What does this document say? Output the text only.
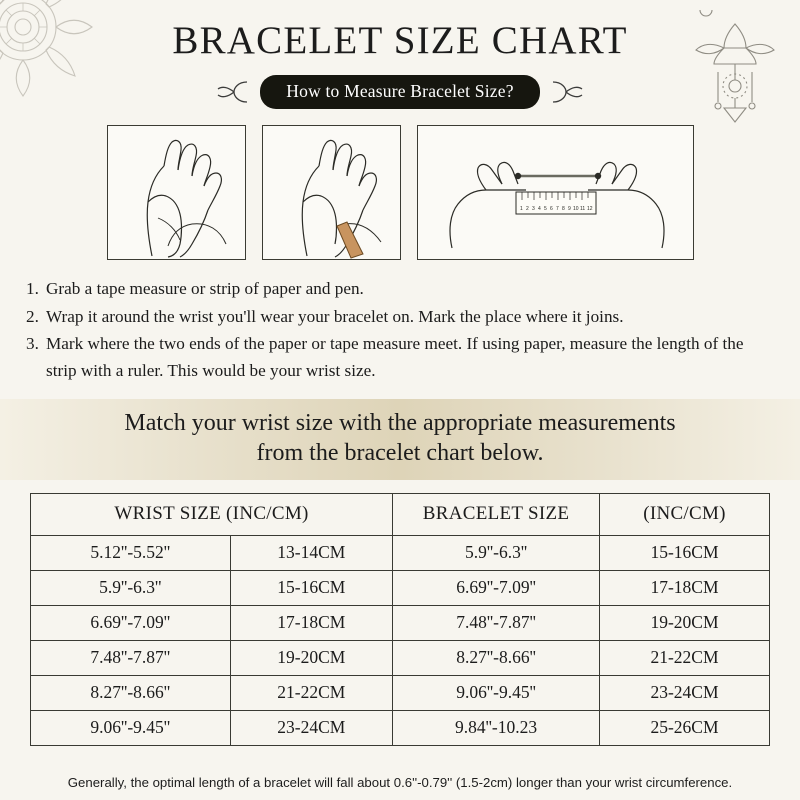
BRACELET SIZE CHART
How to Measure Bracelet Size?
1 2 3 4 5 6 7 8 9 10 11 12
1. Grab a tape measure or strip of paper and pen.
2. Wrap it around the wrist you'll wear your bracelet on. Mark the place where it joins.
3. Mark where the two ends of the paper or tape measure meet. If using paper, measure the length of the strip with a ruler. This would be your wrist size.
Match your wrist size with the appropriate measurements
from the bracelet chart below.
WRIST SIZE (INC/CM)		BRACELET SIZE	(INC/CM)
5.12''-5.52''	13-14CM	5.9''-6.3''	15-16CM
5.9''-6.3''	15-16CM	6.69''-7.09''	17-18CM
6.69''-7.09''	17-18CM	7.48''-7.87''	19-20CM
7.48''-7.87''	19-20CM	8.27''-8.66''	21-22CM
8.27''-8.66''	21-22CM	9.06''-9.45''	23-24CM
9.06''-9.45''	23-24CM	9.84''-10.23	25-26CM
Generally, the optimal length of a bracelet will fall about 0.6''-0.79'' (1.5-2cm) longer than your wrist circumference.
